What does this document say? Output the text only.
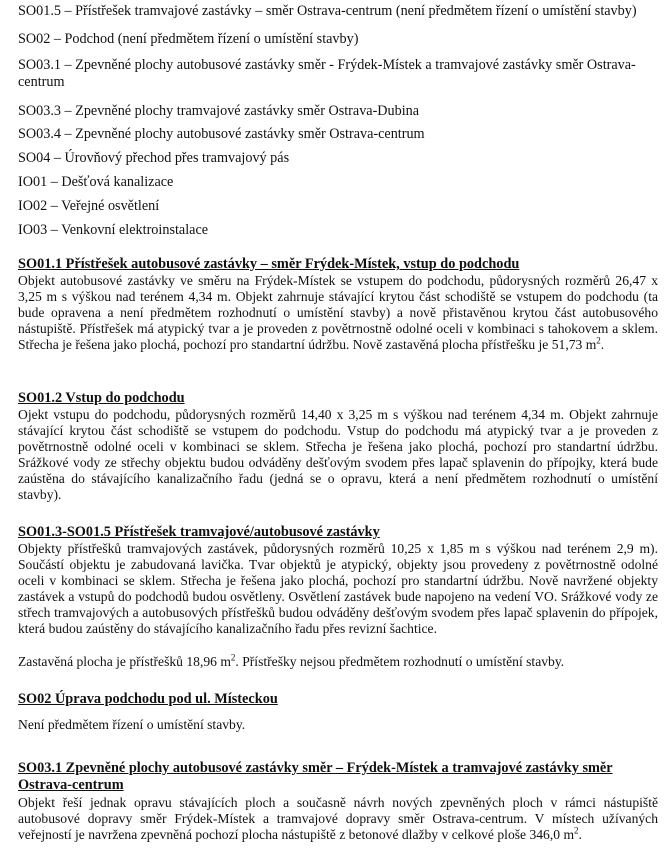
SO01.5 – Přístřešek tramvajové zastávky – směr Ostrava-centrum (není předmětem řízení o umístění stavby)
SO02 – Podchod (není předmětem řízení o umístění stavby)
SO03.1 – Zpevněné plochy autobusové zastávky směr - Frýdek-Místek a tramvajové zastávky směr Ostrava-centrum
SO03.3 – Zpevněné plochy tramvajové zastávky směr Ostrava-Dubina
SO03.4 – Zpevněné plochy autobusové zastávky směr Ostrava-centrum
SO04 – Úrovňový přechod přes tramvajový pás
IO01 – Dešťová kanalizace
IO02 – Veřejné osvětlení
IO03 – Venkovní elektroinstalace
SO01.1 Přístřešek autobusové zastávky – směr Frýdek-Místek, vstup do podchodu
Objekt autobusové zastávky ve směru na Frýdek-Místek se vstupem do podchodu, půdorysných rozměrů 26,47 x 3,25 m s výškou nad terénem 4,34 m. Objekt zahrnuje stávající krytou část schodiště se vstupem do podchodu (ta bude opravena a není předmětem rozhodnutí o umístění stavby) a nově přistavěnou krytou část autobusového nástupiště. Přístřešek má atypický tvar a je proveden z povětrnostně odolné oceli v kombinaci s tahokovem a sklem. Střecha je řešena jako plochá, pochozí pro standartní údržbu. Nově zastavěná plocha přístřešku je 51,73 $m^2$.
SO01.2 Vstup do podchodu
Ojekt vstupu do podchodu, půdorysných rozměrů 14,40 x 3,25 m s výškou nad terénem 4,34 m. Objekt zahrnuje stávající krytou část schodiště se vstupem do podchodu. Vstup do podchodu má atypický tvar a je proveden z povětrnostně odolné oceli v kombinaci se sklem. Střecha je řešena jako plochá, pochozí pro standartní údržbu. Srážkové vody ze střechy objektu budou odváděny dešťovým svodem přes lapač splavenin do přípojky, která bude zaústěna do stávajícího kanalizačního řadu (jedná se o opravu, která a není předmětem rozhodnutí o umístění stavby).
SO01.3-SO01.5 Přístřešek tramvajové/autobusové zastávky
Objekty přístřešků tramvajových zastávek, půdorysných rozměrů 10,25 x 1,85 m s výškou nad terénem 2,9 m). Součástí objektu je zabudovaná lavička. Tvar objektů je atypický, objekty jsou provedeny z povětrnostně odolné oceli v kombinaci se sklem. Střecha je řešena jako plochá, pochozí pro standartní údržbu. Nově navržené objekty zastávek a vstupů do podchodů budou osvětleny. Osvětlení zastávek bude napojeno na vedení VO. Srážkové vody ze střech tramvajových a autobusových přístřešků budou odváděny dešťovým svodem přes lapač splavenin do přípojek, která budou zaústěny do stávajícího kanalizačního řadu přes revizní šachtice.
Zastavěná plocha je přístřešků 18,96 $m^2$. Přístřešky nejsou předmětem rozhodnutí o umístění stavby.
SO02 Úprava podchodu pod ul. Místeckou
Není předmětem řízení o umístění stavby.
SO03.1 Zpevněné plochy autobusové zastávky směr – Frýdek-Místek a tramvajové zastávky směr Ostrava-centrum
Objekt řeší jednak opravu stávajících ploch a současně návrh nových zpevněných ploch v rámci nástupiště autobusové dopravy směr Frýdek-Místek a tramvajové dopravy směr Ostrava-centrum. V místech užívaných veřejností je navržena zpevněná pochozí plocha nástupiště z betonové dlažby v celkové ploše 346,0 $m^2$.
